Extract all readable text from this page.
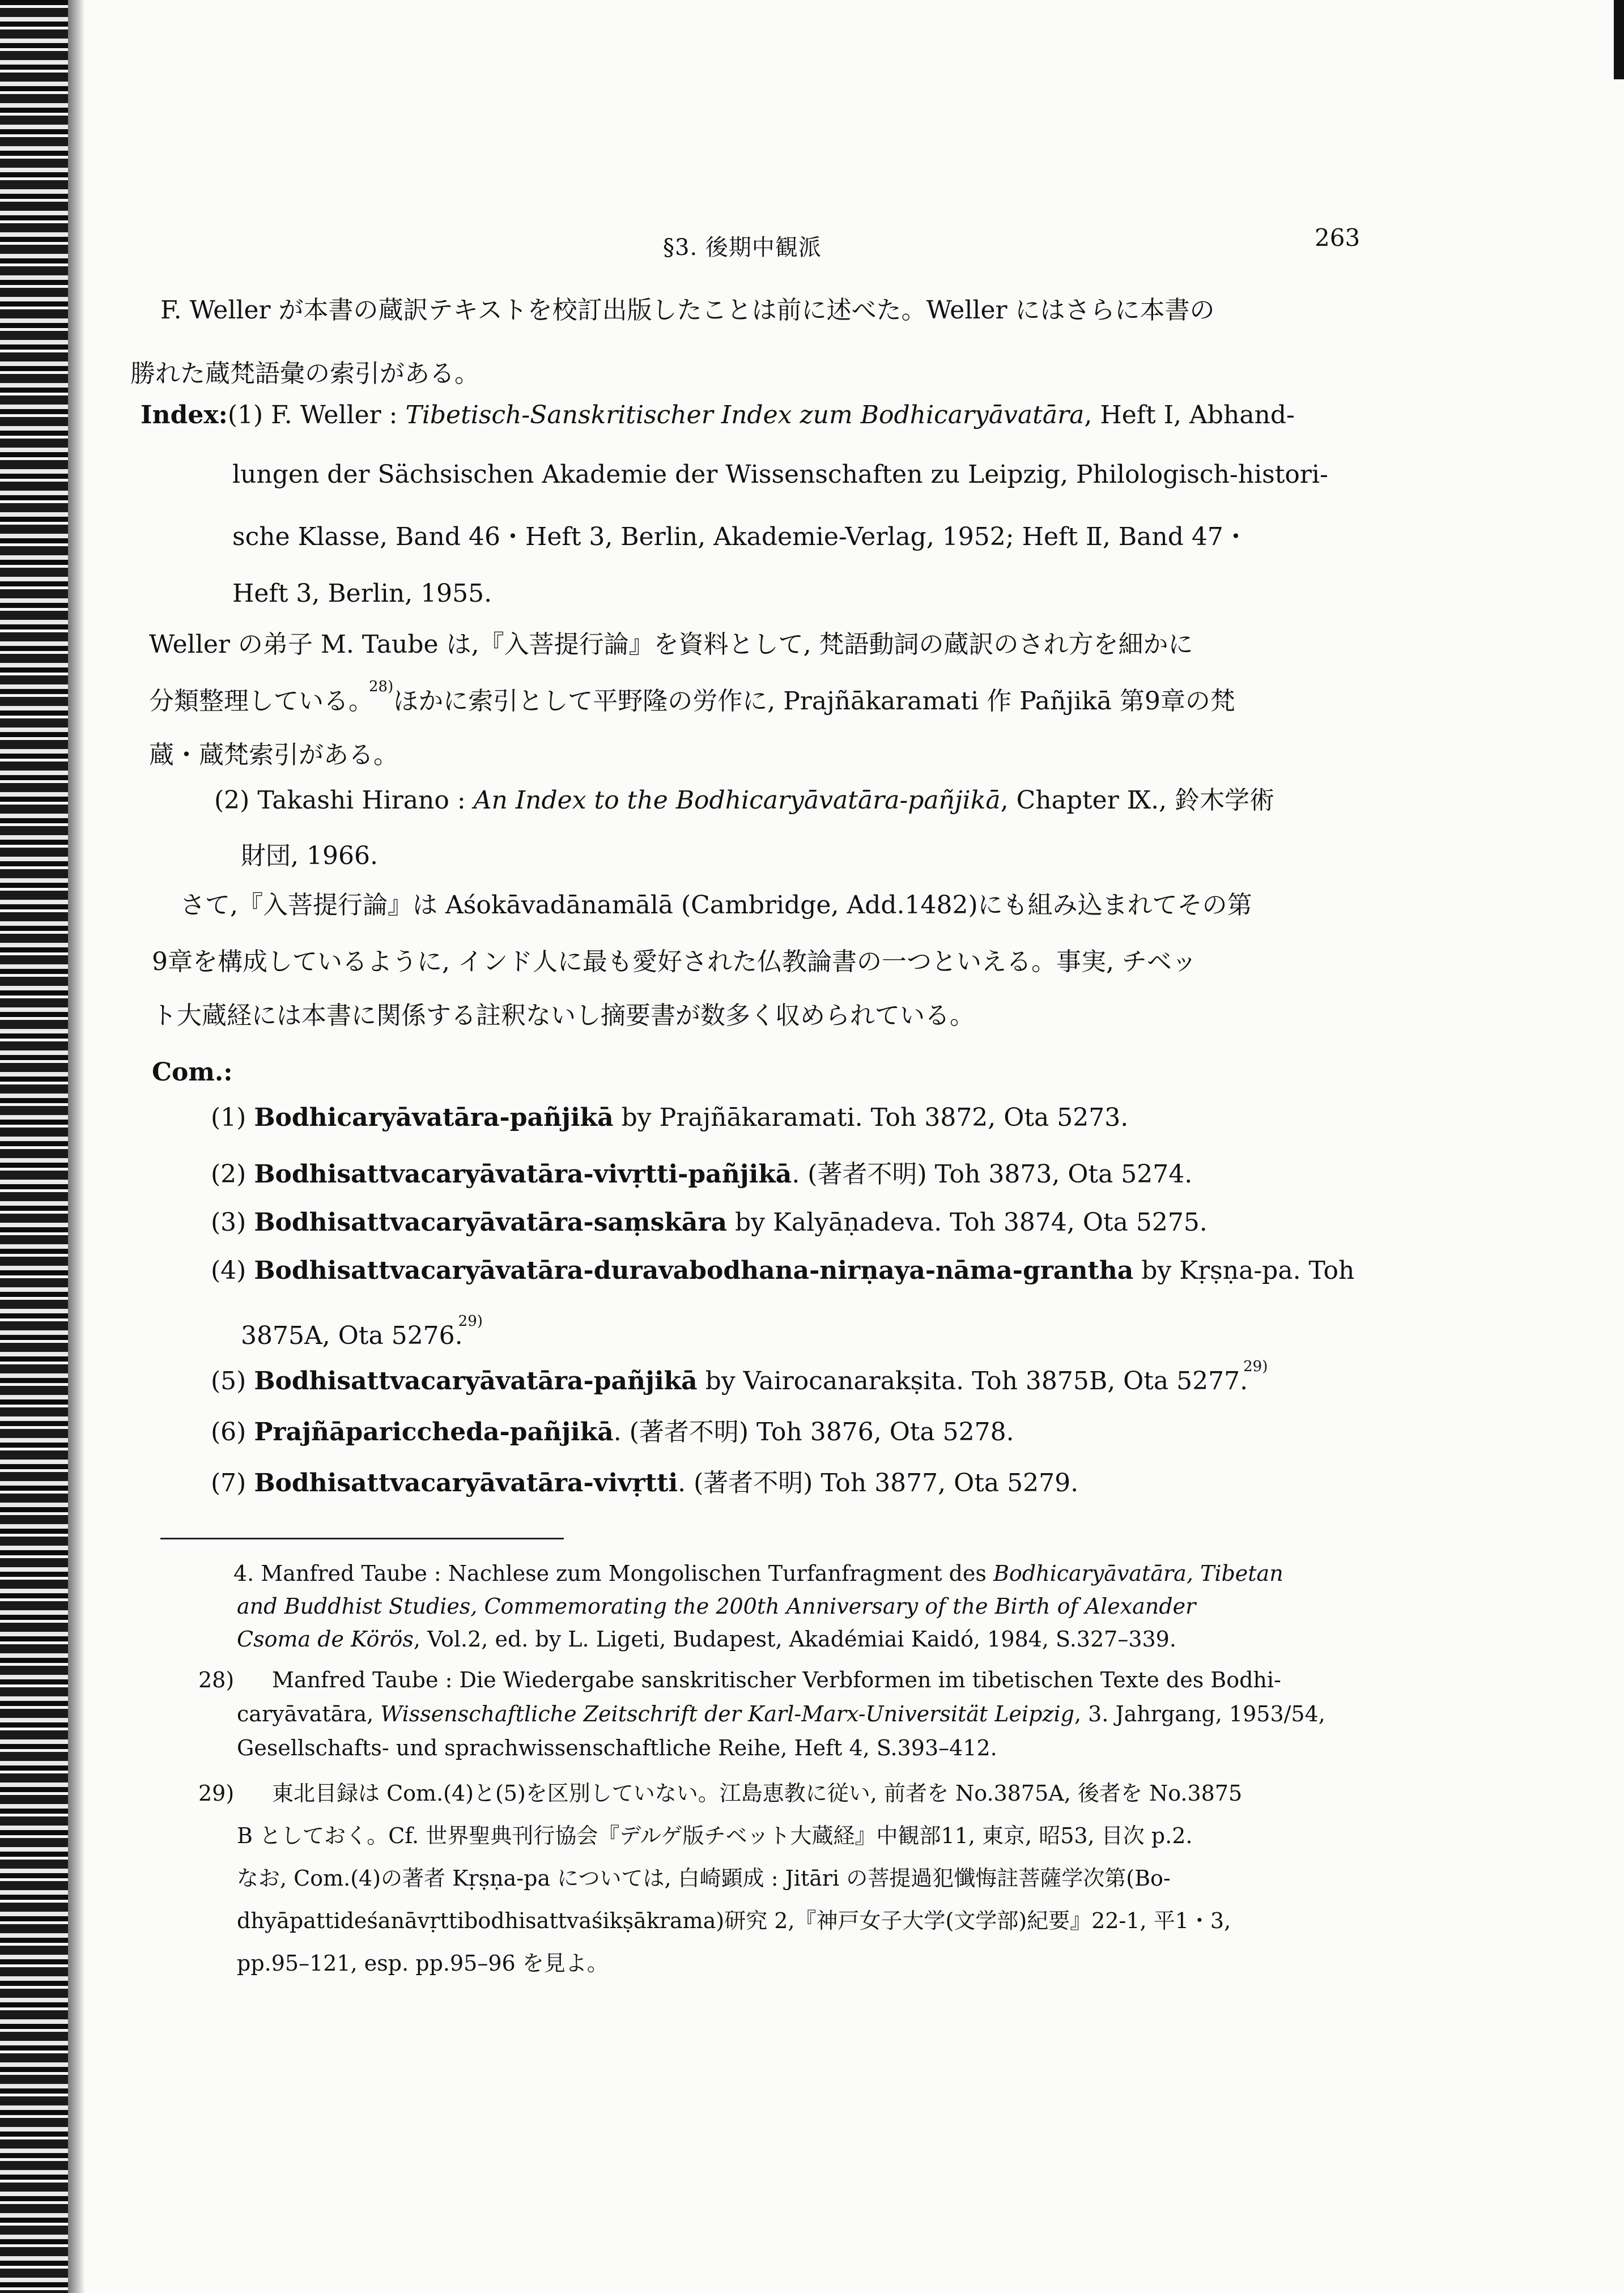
§3. 後期中観派	263
F. Weller が本書の蔵訳テキストを校訂出版したことは前に述べた。Weller にはさらに本書の
勝れた蔵梵語彙の索引がある。
Index:(1) F. Weller : Tibetisch-Sanskritischer Index zum Bodhicaryāvatāra, Heft Ⅰ, Abhand-
lungen der Sächsischen Akademie der Wissenschaften zu Leipzig, Philologisch-histori-
sche Klasse, Band 46・Heft 3, Berlin, Akademie-Verlag, 1952; Heft Ⅱ, Band 47・
Heft 3, Berlin, 1955.
Weller の弟子 M. Taube は,『入菩提行論』を資料として, 梵語動詞の蔵訳のされ方を細かに
分類整理している。$^{28)}$ほかに索引として平野隆の労作に, Prajñākaramati 作 Pañjikā 第9章の梵
蔵・蔵梵索引がある。
(2) Takashi Hirano : An Index to the Bodhicaryāvatāra-pañjikā, Chapter Ⅸ., 鈴木学術
財団, 1966.
さて,『入菩提行論』は Aśokāvadānamālā (Cambridge, Add.1482)にも組み込まれてその第
9章を構成しているように, インド人に最も愛好された仏教論書の一つといえる。事実, チベッ
ト大蔵経には本書に関係する註釈ないし摘要書が数多く収められている。
Com.:
(1) Bodhicaryāvatāra-pañjikā by Prajñākaramati. Toh 3872, Ota 5273.
(2) Bodhisattvacaryāvatāra-vivṛtti-pañjikā. (著者不明) Toh 3873, Ota 5274.
(3) Bodhisattvacaryāvatāra-saṃskāra by Kalyāṇadeva. Toh 3874, Ota 5275.
(4) Bodhisattvacaryāvatāra-duravabodhana-nirṇaya-nāma-grantha by Kṛṣṇa-pa. Toh
3875A, Ota 5276.$^{29)}$
(5) Bodhisattvacaryāvatāra-pañjikā by Vairocanarakṣita. Toh 3875B, Ota 5277.$^{29)}$
(6) Prajñāpariccheda-pañjikā. (著者不明) Toh 3876, Ota 5278.
(7) Bodhisattvacaryāvatāra-vivṛtti. (著者不明) Toh 3877, Ota 5279.
4. Manfred Taube : Nachlese zum Mongolischen Turfanfragment des Bodhicaryāvatāra, Tibetan
and Buddhist Studies, Commemorating the 200th Anniversary of the Birth of Alexander
Csoma de Körös, Vol.2, ed. by L. Ligeti, Budapest, Akadémiai Kaidó, 1984, S.327–339.
28) Manfred Taube : Die Wiedergabe sanskritischer Verbformen im tibetischen Texte des Bodhi-
caryāvatāra, Wissenschaftliche Zeitschrift der Karl-Marx-Universität Leipzig, 3. Jahrgang, 1953/54,
Gesellschafts- und sprachwissenschaftliche Reihe, Heft 4, S.393–412.
29) 東北目録は Com.(4)と(5)を区別していない。江島恵教に従い, 前者を No.3875A, 後者を No.3875
B としておく。Cf. 世界聖典刊行協会『デルゲ版チベット大蔵経』中観部11, 東京, 昭53, 目次 p.2.
なお, Com.(4)の著者 Kṛṣṇa-pa については, 白崎顕成 : Jitāri の菩提過犯懺悔註菩薩学次第(Bo-
dhyāpattideśanāvṛttibodhisattvaśikṣākrama)研究 2,『神戸女子大学(文学部)紀要』22-1, 平1・3,
pp.95–121, esp. pp.95–96 を見よ。
